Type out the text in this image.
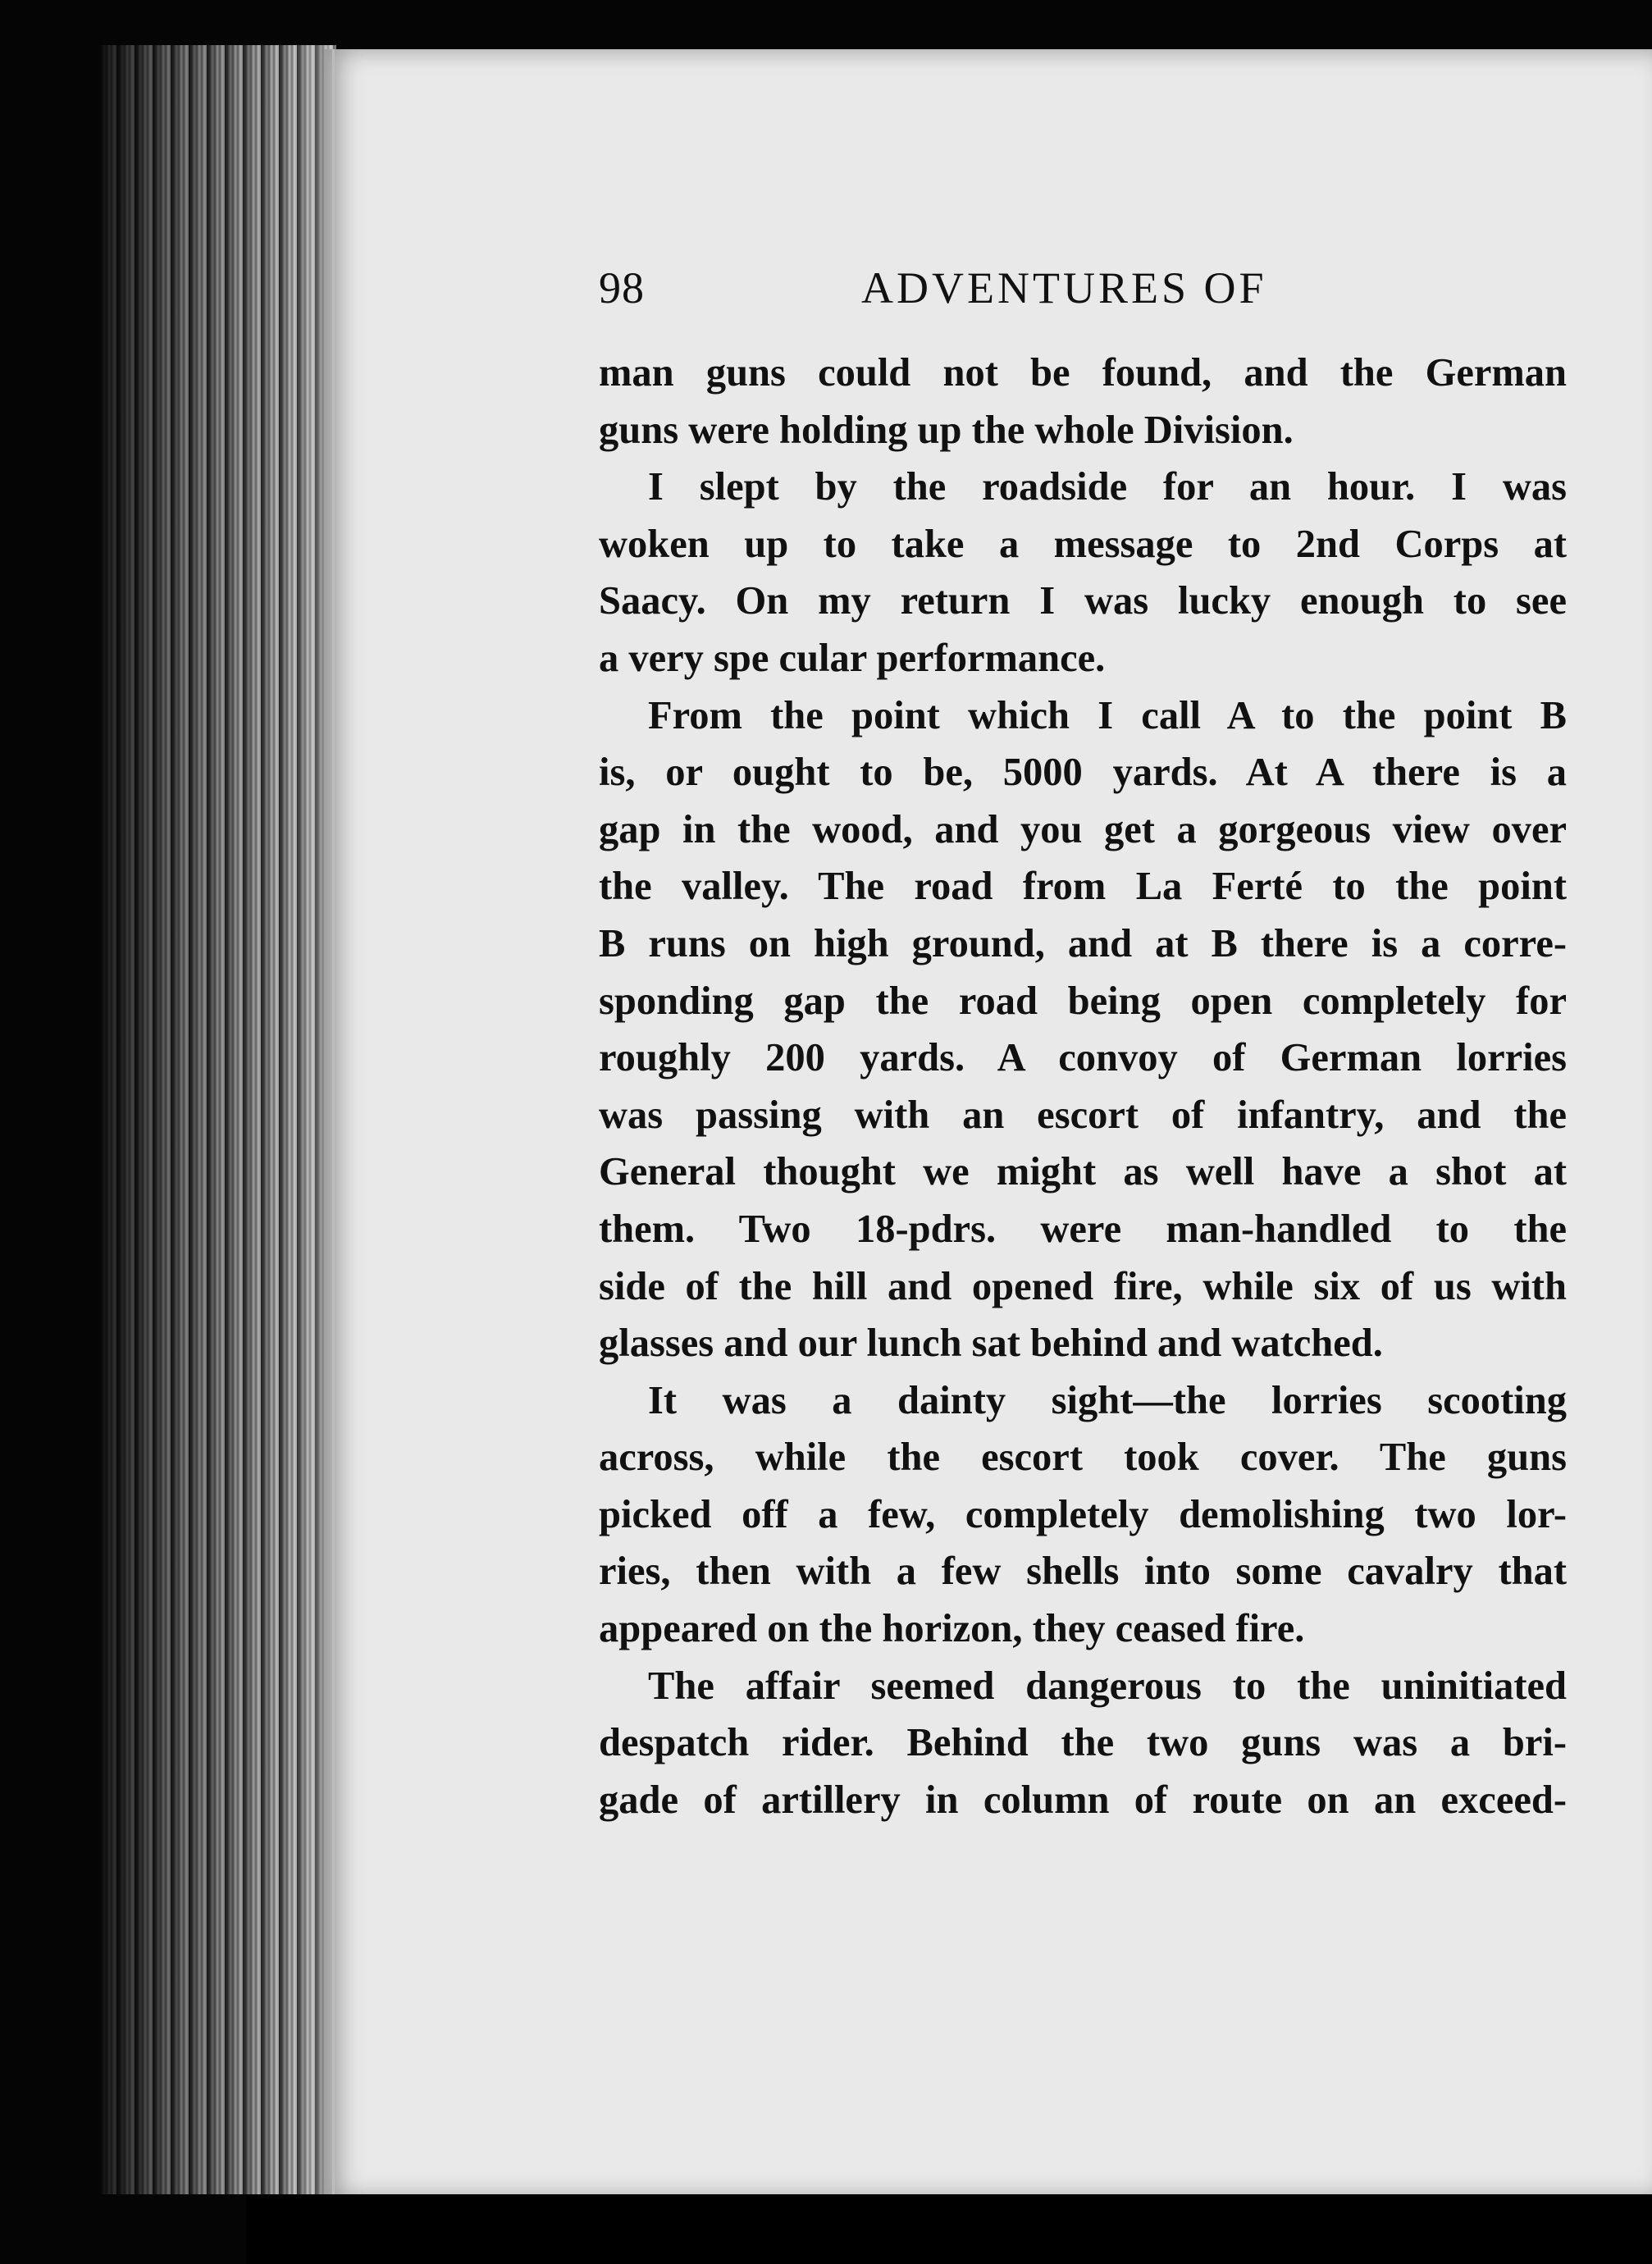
98	ADVENTURES OF

man guns could not be found, and the German
guns were holding up the whole Division.

I slept by the roadside for an hour. I was
woken up to take a message to 2nd Corps at
Saacy. On my return I was lucky enough to see
a very spe cular performance.

From the point which I call A to the point B
is, or ought to be, 5000 yards. At A there is a
gap in the wood, and you get a gorgeous view over
the valley. The road from La Ferté to the point
B runs on high ground, and at B there is a corre-
sponding gap the road being open completely for
roughly 200 yards. A convoy of German lorries
was passing with an escort of infantry, and the
General thought we might as well have a shot at
them. Two 18-pdrs. were man-handled to the
side of the hill and opened fire, while six of us with
glasses and our lunch sat behind and watched.

It was a dainty sight—the lorries scooting
across, while the escort took cover. The guns
picked off a few, completely demolishing two lor-
ries, then with a few shells into some cavalry that
appeared on the horizon, they ceased fire.

The affair seemed dangerous to the uninitiated
despatch rider. Behind the two guns was a bri-
gade of artillery in column of route on an exceed-
